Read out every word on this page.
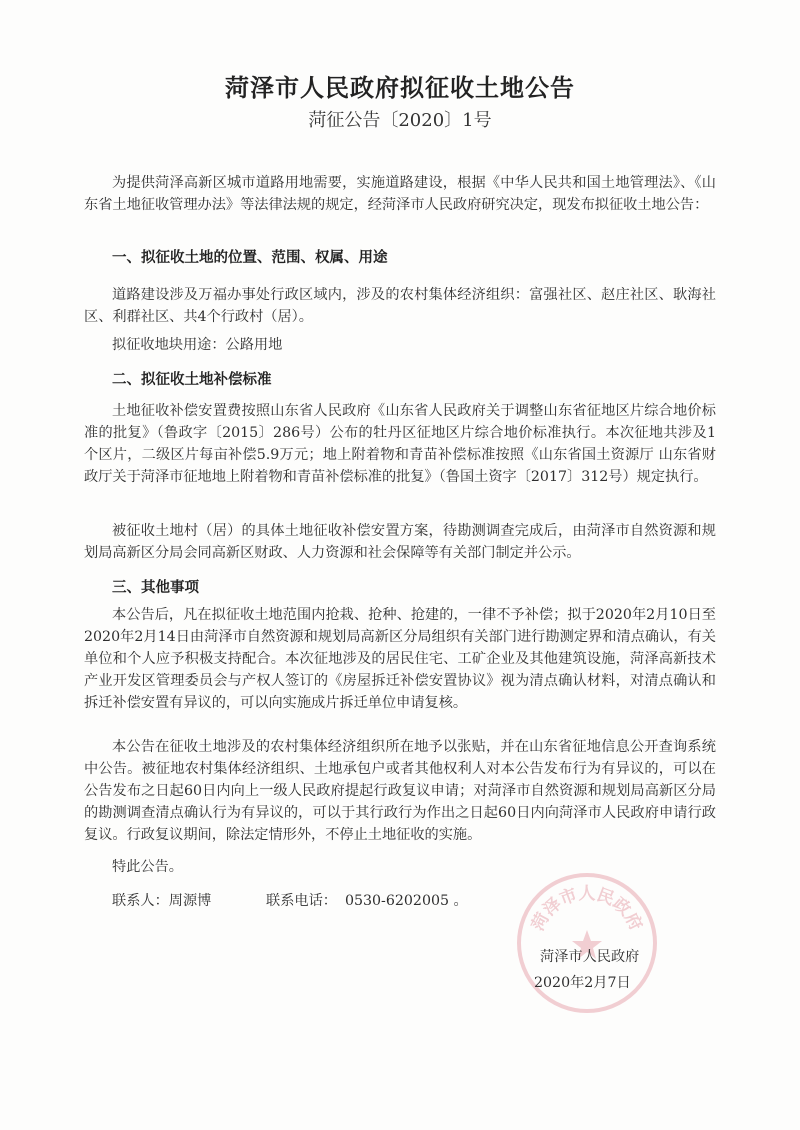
菏泽市人民政府拟征收土地公告
菏征公告〔2020〕1号

为提供菏泽高新区城市道路用地需要，实施道路建设，根据《中华人民共和国土地管理法》、《山东省土地征收管理办法》等法律法规的规定，经菏泽市人民政府研究决定，现发布拟征收土地公告：

一、拟征收土地的位置、范围、权属、用途

道路建设涉及万福办事处行政区域内，涉及的农村集体经济组织：富强社区、赵庄社区、耿海社区、利群社区、共4个行政村（居）。

拟征收地块用途：公路用地

二、拟征收土地补偿标准

土地征收补偿安置费按照山东省人民政府《山东省人民政府关于调整山东省征地区片综合地价标准的批复》（鲁政字〔2015〕286号）公布的牡丹区征地区片综合地价标准执行。本次征地共涉及1个区片，二级区片每亩补偿5.9万元；地上附着物和青苗补偿标准按照《山东省国土资源厅 山东省财政厅关于菏泽市征地地上附着物和青苗补偿标准的批复》（鲁国土资字〔2017〕312号）规定执行。

被征收土地村（居）的具体土地征收补偿安置方案，待勘测调查完成后，由菏泽市自然资源和规划局高新区分局会同高新区财政、人力资源和社会保障等有关部门制定并公示。

三、其他事项

本公告后，凡在拟征收土地范围内抢栽、抢种、抢建的，一律不予补偿；拟于2020年2月10日至 2020年2月14日由菏泽市自然资源和规划局高新区分局组织有关部门进行勘测定界和清点确认，有关单位和个人应予积极支持配合。本次征地涉及的居民住宅、工矿企业及其他建筑设施，菏泽高新技术产业开发区管理委员会与产权人签订的《房屋拆迁补偿安置协议》视为清点确认材料，对清点确认和拆迁补偿安置有异议的，可以向实施成片拆迁单位申请复核。

本公告在征收土地涉及的农村集体经济组织所在地予以张贴，并在山东省征地信息公开查询系统中公告。被征地农村集体经济组织、土地承包户或者其他权利人对本公告发布行为有异议的，可以在公告发布之日起60日内向上一级人民政府提起行政复议申请；对菏泽市自然资源和规划局高新区分局的勘测调查清点确认行为有异议的，可以于其行政行为作出之日起60日内向菏泽市人民政府申请行政复议。行政复议期间，除法定情形外，不停止土地征收的实施。

特此公告。

联系人：周源博	联系电话： 0530-6202005 。
菏泽市人民政府
菏泽市人民政府
2020年2月7日
